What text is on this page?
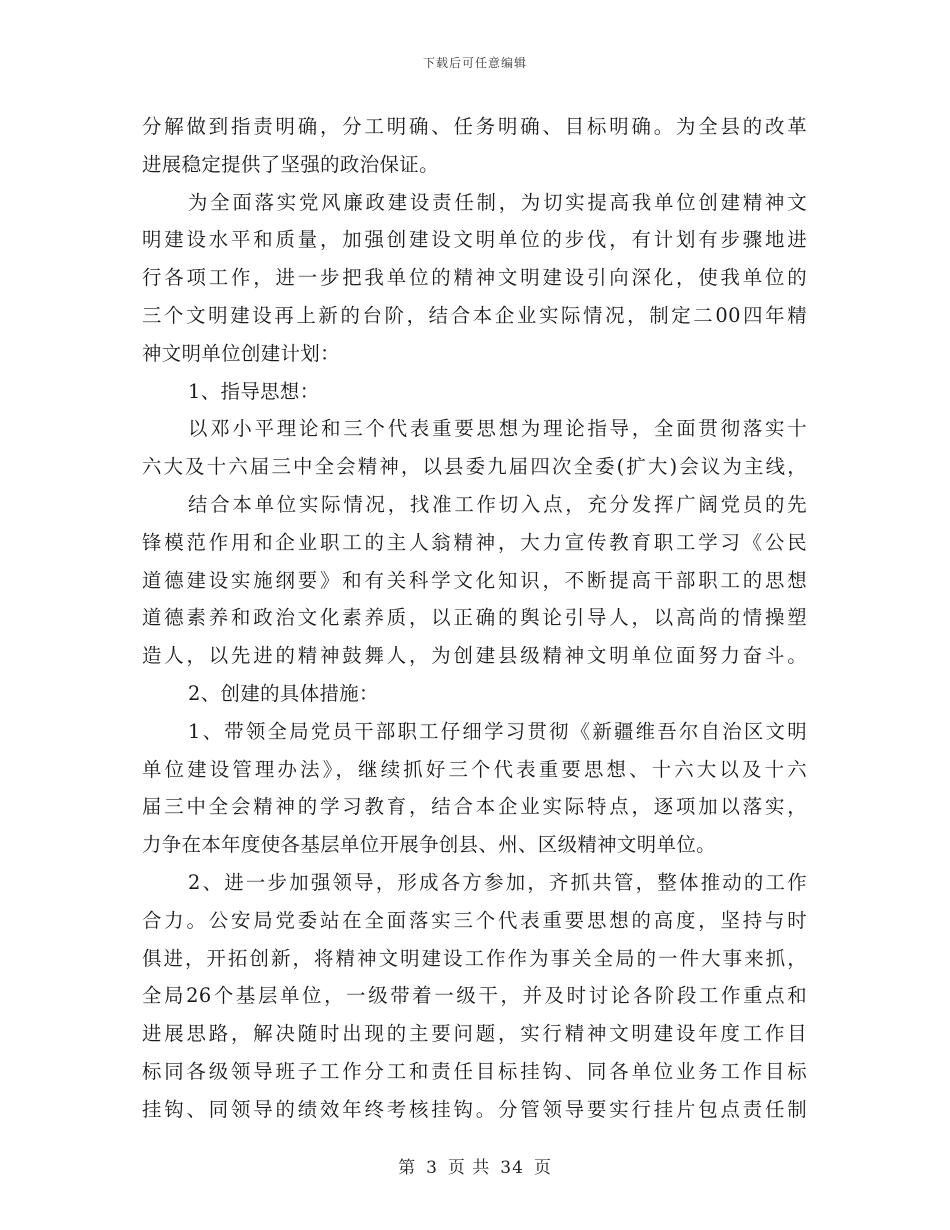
下载后可任意编辑
分解做到指责明确，分工明确、任务明确、目标明确。为全县的改革
进展稳定提供了坚强的政治保证。
为全面落实党风廉政建设责任制，为切实提高我单位创建精神文
明建设水平和质量，加强创建设文明单位的步伐，有计划有步骤地进
行各项工作，进一步把我单位的精神文明建设引向深化，使我单位的
三个文明建设再上新的台阶，结合本企业实际情况，制定二00四年精
神文明单位创建计划：
1、指导思想：
以邓小平理论和三个代表重要思想为理论指导，全面贯彻落实十
六大及十六届三中全会精神，以县委九届四次全委(扩大)会议为主线，
结合本单位实际情况，找准工作切入点，充分发挥广阔党员的先
锋模范作用和企业职工的主人翁精神，大力宣传教育职工学习《公民
道德建设实施纲要》和有关科学文化知识，不断提高干部职工的思想
道德素养和政治文化素养质，以正确的舆论引导人，以高尚的情操塑
造人，以先进的精神鼓舞人，为创建县级精神文明单位面努力奋斗。
2、创建的具体措施：
1、带领全局党员干部职工仔细学习贯彻《新疆维吾尔自治区文明
单位建设管理办法》，继续抓好三个代表重要思想、十六大以及十六
届三中全会精神的学习教育，结合本企业实际特点，逐项加以落实，
力争在本年度使各基层单位开展争创县、州、区级精神文明单位。
2、进一步加强领导，形成各方参加，齐抓共管，整体推动的工作
合力。公安局党委站在全面落实三个代表重要思想的高度，坚持与时
俱进，开拓创新，将精神文明建设工作作为事关全局的一件大事来抓，
全局26个基层单位，一级带着一级干，并及时讨论各阶段工作重点和
进展思路，解决随时出现的主要问题，实行精神文明建设年度工作目
标同各级领导班子工作分工和责任目标挂钩、同各单位业务工作目标
挂钩、同领导的绩效年终考核挂钩。分管领导要实行挂片包点责任制
第 3 页 共 34 页
